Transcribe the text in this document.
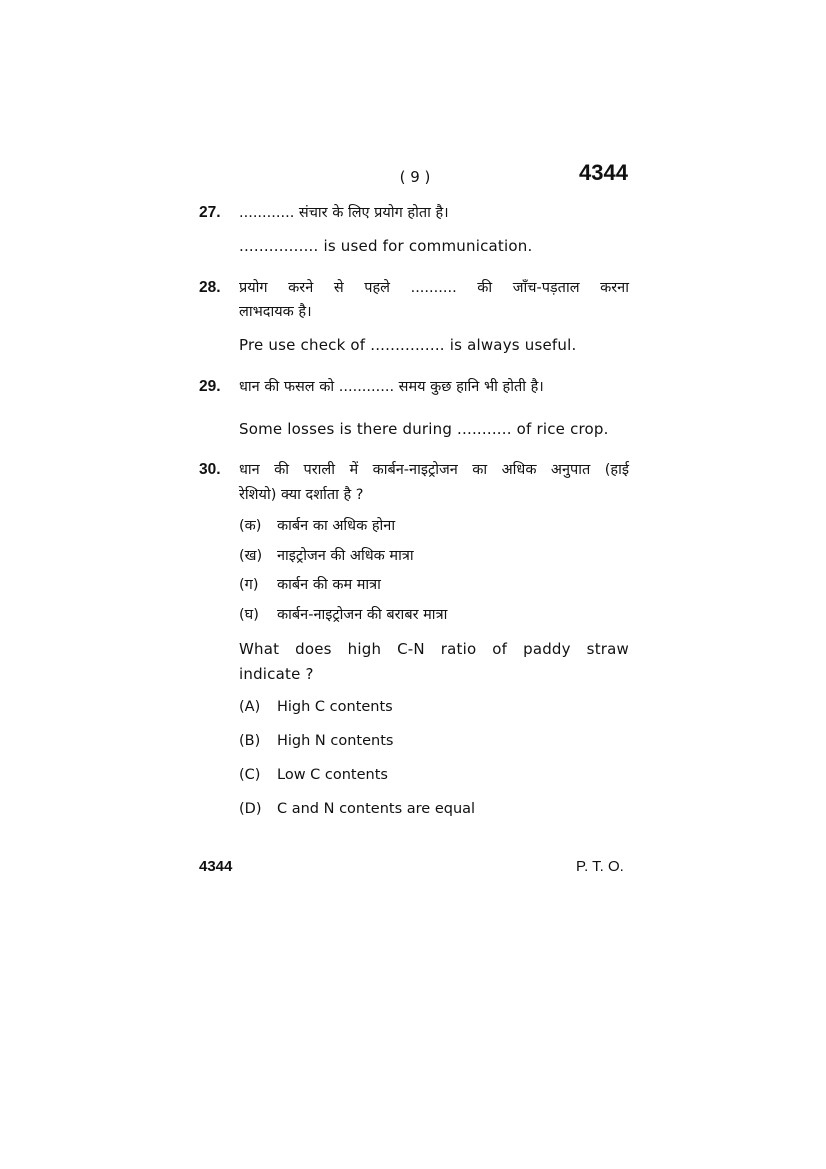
( 9 )	4344
27. ............ संचार के लिए प्रयोग होता है।
................ is used for communication.
28. प्रयोग करने से पहले .......... की जाँच-पड़ताल करना
लाभदायक है।
Pre use check of ............... is always useful.
29. धान की फसल को ............ समय कुछ हानि भी होती है।
Some losses is there during ........... of rice crop.
30. धान की पराली में कार्बन-नाइट्रोजन का अधिक अनुपात (हाई
रेशियो) क्या दर्शाता है ?
(क) कार्बन का अधिक होना
(ख) नाइट्रोजन की अधिक मात्रा
(ग) कार्बन की कम मात्रा
(घ) कार्बन-नाइट्रोजन की बराबर मात्रा
What does high C-N ratio of paddy straw
indicate ?
(A) High C contents
(B) High N contents
(C) Low C contents
(D) C and N contents are equal
4344	P. T. O.
